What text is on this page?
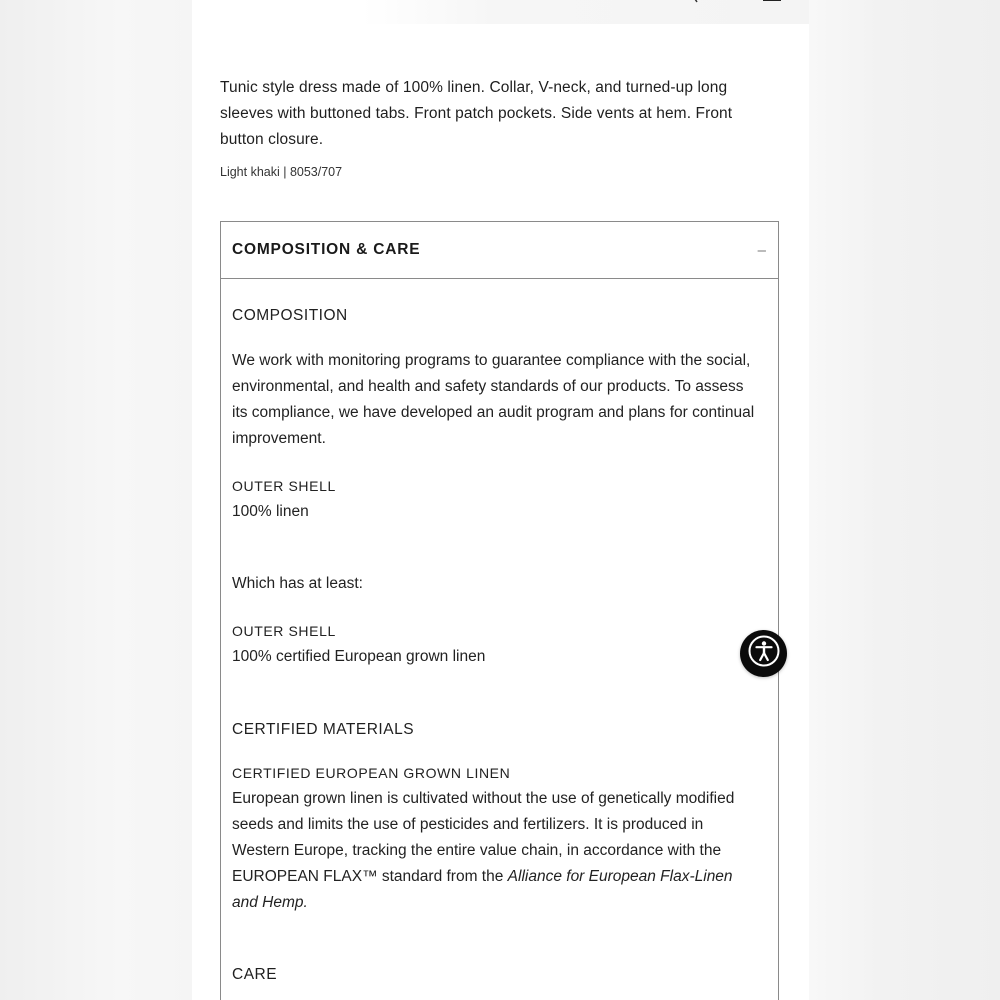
Tunic style dress made of 100% linen. Collar, V-neck, and turned-up long sleeves with buttoned tabs. Front patch pockets. Side vents at hem. Front button closure.

Light khaki | 8053/707

COMPOSITION & CARE	–

COMPOSITION

We work with monitoring programs to guarantee compliance with the social, environmental, and health and safety standards of our products. To assess its compliance, we have developed an audit program and plans for continual improvement.

OUTER SHELL

100% linen

Which has at least:

OUTER SHELL

100% certified European grown linen

CERTIFIED MATERIALS

CERTIFIED EUROPEAN GROWN LINEN

European grown linen is cultivated without the use of genetically modified seeds and limits the use of pesticides and fertilizers. It is produced in Western Europe, tracking the entire value chain, in accordance with the EUROPEAN FLAX™ standard from the Alliance for European Flax-Linen and Hemp.

CARE
